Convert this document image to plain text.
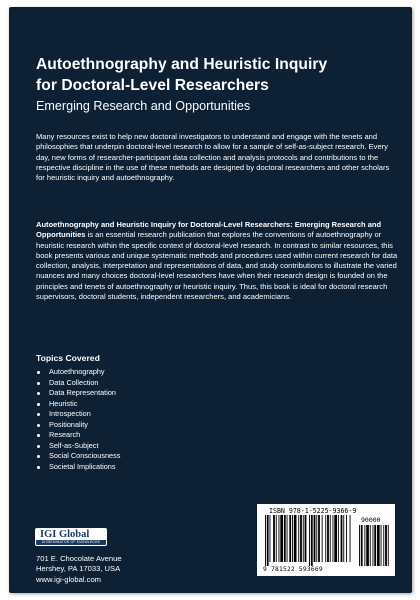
Autoethnography and Heuristic Inquiry
for Doctoral-Level Researchers
Emerging Research and Opportunities

Many resources exist to help new doctoral investigators to understand and engage with the tenets and philosophies that underpin doctoral-level research to allow for a sample of self-as-subject research. Every day, new forms of researcher-participant data collection and analysis protocols and contributions to the respective discipline in the use of these methods are designed by doctoral researchers and other scholars for heuristic inquiry and autoethnography.

Autoethnography and Heuristic Inquiry for Doctoral-Level Researchers: Emerging Research and Opportunities is an essential research publication that explores the conventions of autoethnography or heuristic research within the specific context of doctoral-level research. In contrast to similar resources, this book presents various and unique systematic methods and procedures used within current research for data collection, analysis, interpretation and representations of data, and study contributions to illustrate the varied nuances and many choices doctoral-level researchers have when their research design is founded on the principles and tenets of autoethnography or heuristic inquiry. Thus, this book is ideal for doctoral research supervisors, doctoral students, independent researchers, and academicians.

Topics Covered
Autoethnography
Data Collection
Data Representation
Heuristic
Introspection
Positionality
Research
Self-as-Subject
Social Consciousness
Societal Implications
IGI Global
DISSEMINATOR OF KNOWLEDGE
701 E. Chocolate Avenue
Hershey, PA 17033, USA
www.igi-global.com
ISBN 978-1-5225-9366-9
90000
9 781522 593669
